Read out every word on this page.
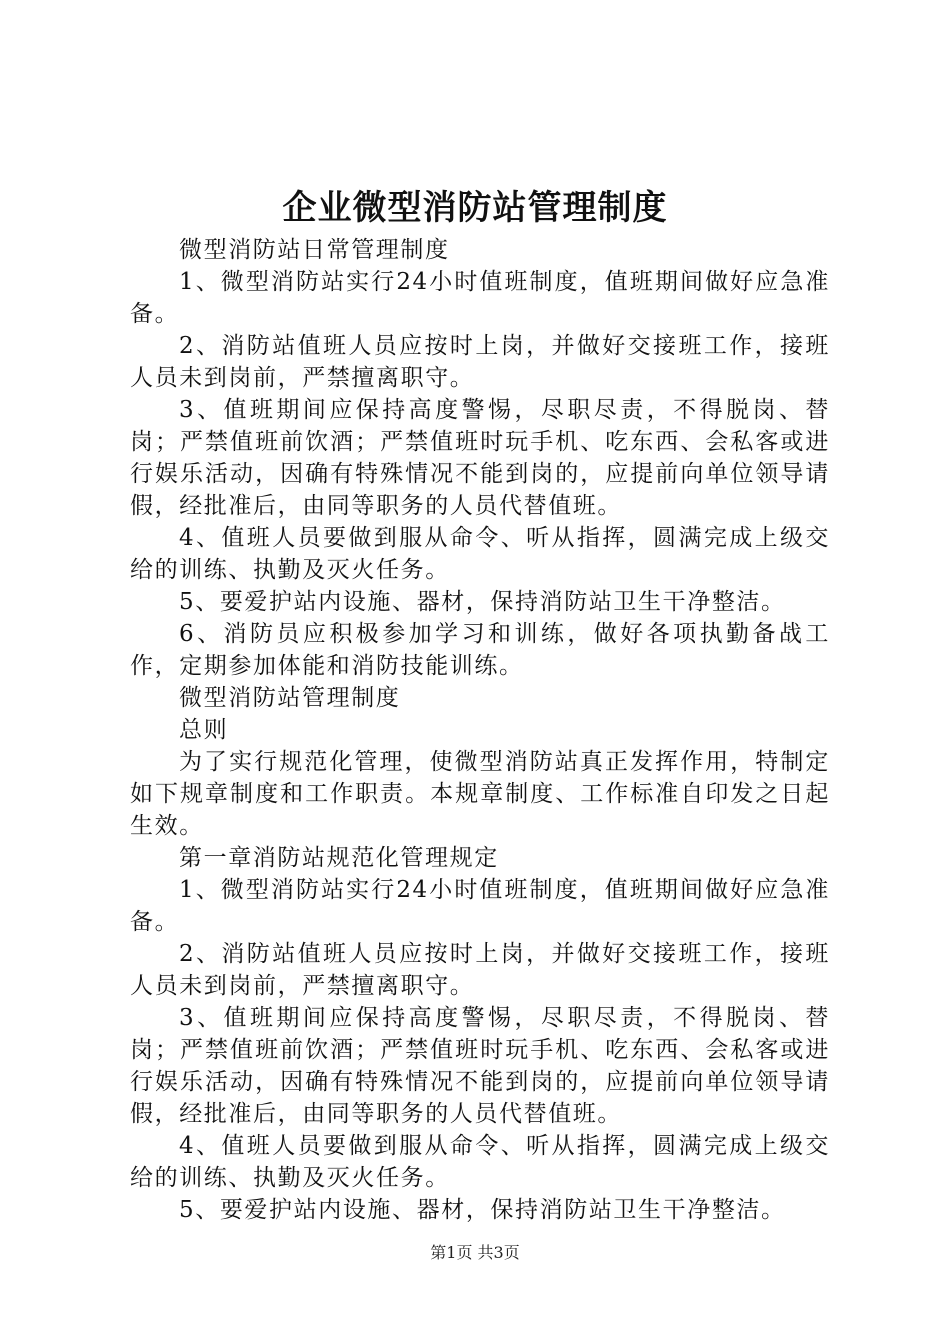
企业微型消防站管理制度

微型消防站日常管理制度

1、微型消防站实行24小时值班制度，值班期间做好应急准备。

2、消防站值班人员应按时上岗，并做好交接班工作，接班人员未到岗前，严禁擅离职守。

3、值班期间应保持高度警惕，尽职尽责，不得脱岗、替岗；严禁值班前饮酒；严禁值班时玩手机、吃东西、会私客或进行娱乐活动，因确有特殊情况不能到岗的，应提前向单位领导请假，经批准后，由同等职务的人员代替值班。

4、值班人员要做到服从命令、听从指挥，圆满完成上级交给的训练、执勤及灭火任务。

5、要爱护站内设施、器材，保持消防站卫生干净整洁。

6、消防员应积极参加学习和训练，做好各项执勤备战工作，定期参加体能和消防技能训练。

微型消防站管理制度

总则

为了实行规范化管理，使微型消防站真正发挥作用，特制定如下规章制度和工作职责。本规章制度、工作标准自印发之日起生效。

第一章消防站规范化管理规定

1、微型消防站实行24小时值班制度，值班期间做好应急准备。

2、消防站值班人员应按时上岗，并做好交接班工作，接班人员未到岗前，严禁擅离职守。

3、值班期间应保持高度警惕，尽职尽责，不得脱岗、替岗；严禁值班前饮酒；严禁值班时玩手机、吃东西、会私客或进行娱乐活动，因确有特殊情况不能到岗的，应提前向单位领导请假，经批准后，由同等职务的人员代替值班。

4、值班人员要做到服从命令、听从指挥，圆满完成上级交给的训练、执勤及灭火任务。

5、要爱护站内设施、器材，保持消防站卫生干净整洁。

第1页 共3页
